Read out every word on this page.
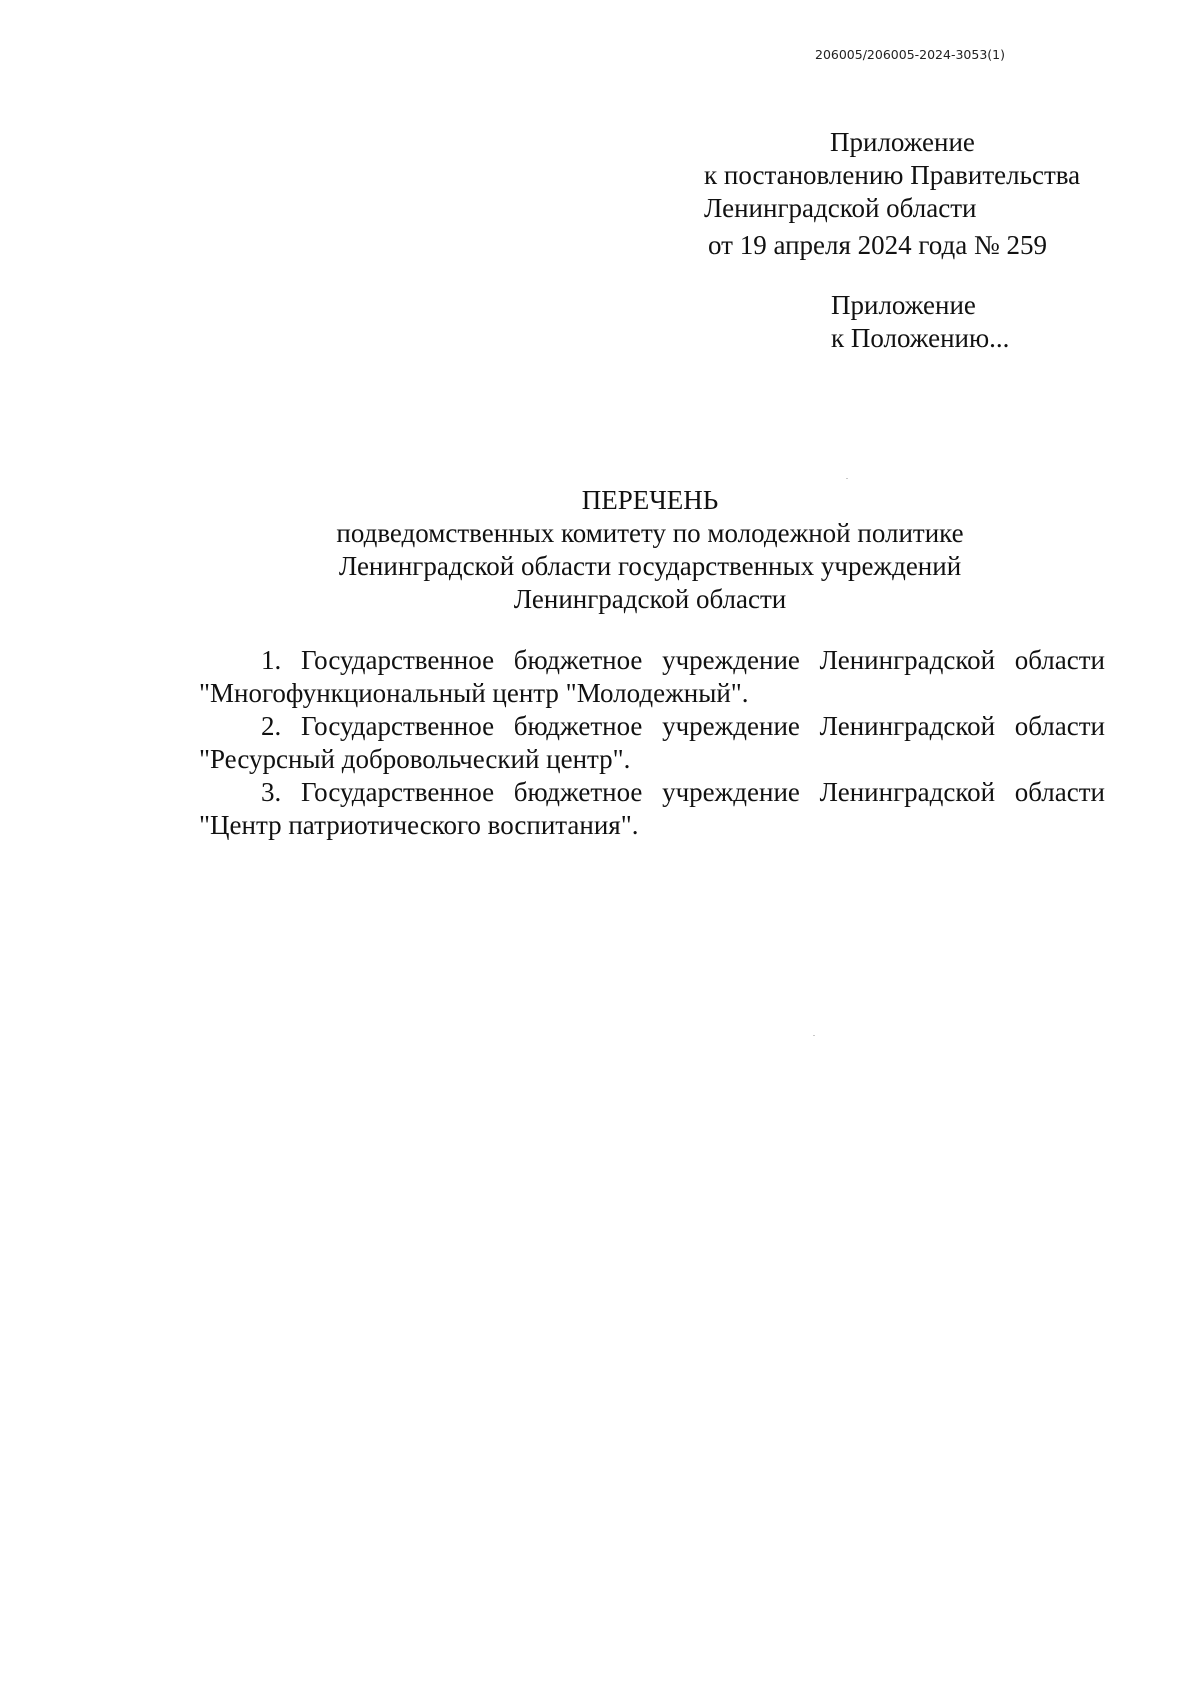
206005/206005-2024-3053(1)
Приложение
к постановлению Правительства
Ленинградской области
от 19 апреля 2024 года № 259
Приложение
к Положению...
ПЕРЕЧЕНЬ
подведомственных комитету по молодежной политике
Ленинградской области государственных учреждений
Ленинградской области

1. Государственное бюджетное учреждение Ленинградской области "Многофункциональный центр "Молодежный".

2. Государственное бюджетное учреждение Ленинградской области "Ресурсный добровольческий центр".

3. Государственное бюджетное учреждение Ленинградской области "Центр патриотического воспитания".
